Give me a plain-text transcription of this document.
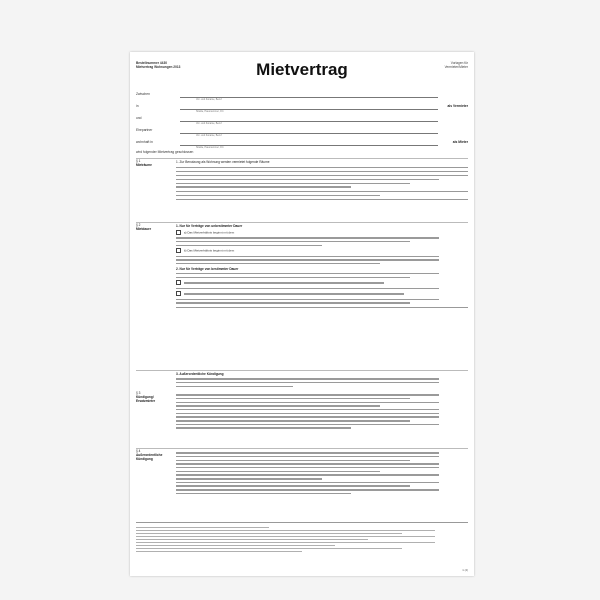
Bestellnummer 4430
Mietvertrag Wohnungen 2013
Vorlagen für
Vermieter/Mieter
Mietvertrag
Zwischen
Vor- und Zuname, Beruf
in
Straße, Hausnummer, Ort
als Vermieter
und
Vor- und Zuname, Beruf
Ehepartner
Vor- und Zuname, Beruf
wohnhaft in
Straße, Hausnummer, Ort
als Mieter
wird folgender Mietvertrag geschlossen
§ 1
Mieträume
1. Zur Benutzung als Wohnung werden vermietet folgende Räume
§ 2
Mietdauer
1. Nur für Verträge von unbestimmter Dauer
a) Das Mietverhältnis beginnt mit dem
b) Das Mietverhältnis beginnt mit dem
2. Nur für Verträge von bestimmter Dauer

3. Außerordentliche Kündigung
§ 3
Kündigung/ Ersatzmieter
§ 4
Außerordentliche Kündigung
1 (4)
